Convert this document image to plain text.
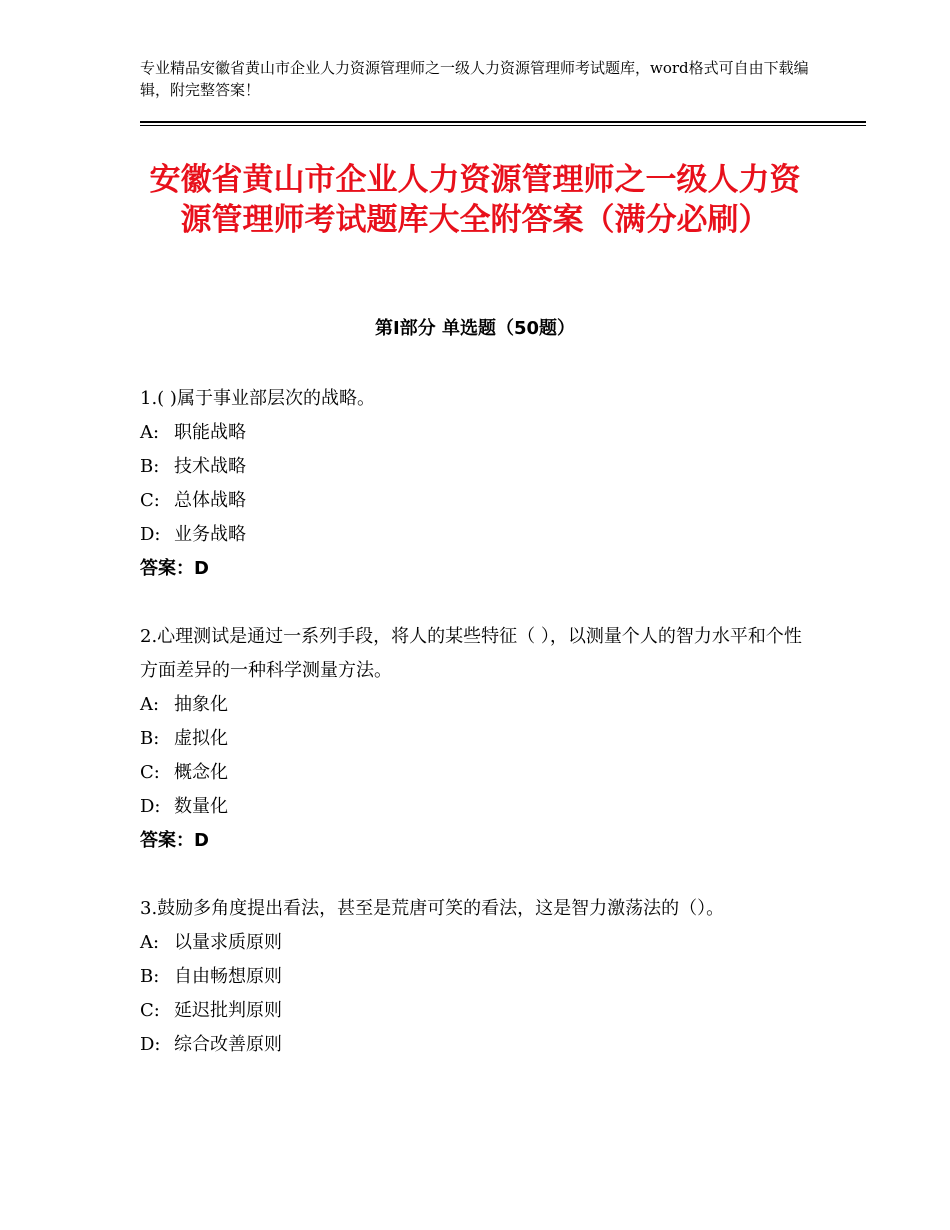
专业精品安徽省黄山市企业人力资源管理师之一级人力资源管理师考试题库，word格式可自由下载编辑，附完整答案！
安徽省黄山市企业人力资源管理师之一级人力资源管理师考试题库大全附答案（满分必刷）
第Ⅰ部分 单选题（50题）

1.( )属于事业部层次的战略。

A: 职能战略
B: 技术战略
C: 总体战略
D: 业务战略
答案：D

2.心理测试是通过一系列手段，将人的某些特征（ ），以测量个人的智力水平和个性方面差异的一种科学测量方法。

A: 抽象化
B: 虚拟化
C: 概念化
D: 数量化
答案：D

3.鼓励多角度提出看法，甚至是荒唐可笑的看法，这是智力激荡法的（）。

A: 以量求质原则
B: 自由畅想原则
C: 延迟批判原则
D: 综合改善原则
